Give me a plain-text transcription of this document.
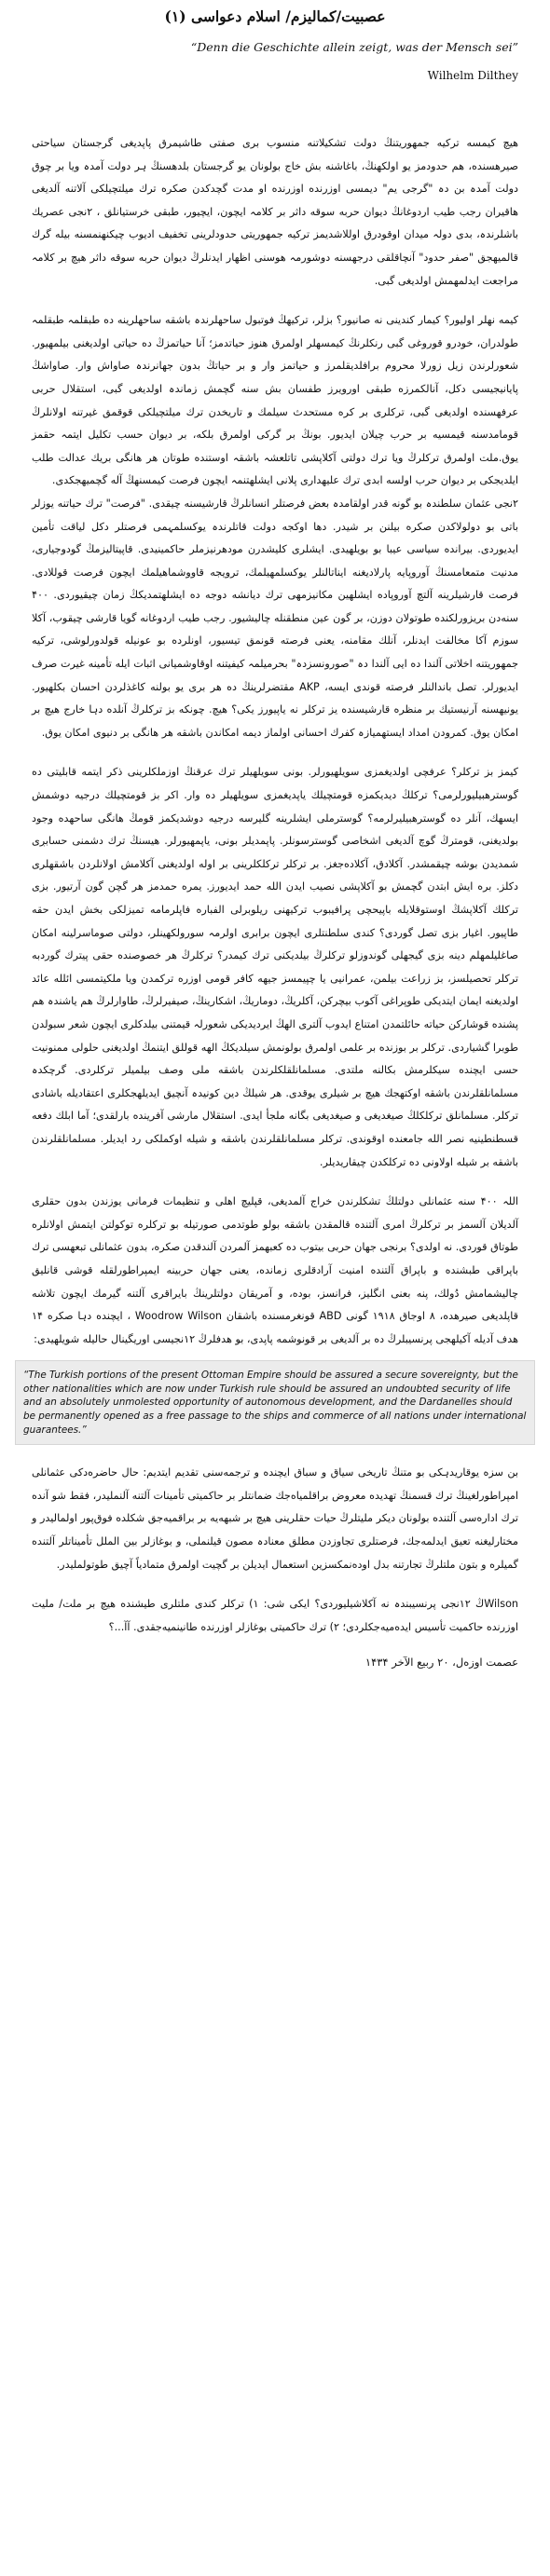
عصبیت/کمالیزم/ اسلام دعواسی (۱)

“Denn die Geschichte allein zeigt, was der Mensch sei”

Wilhelm Dilthey

هیچ کیمسه ترکیه جمهوریتنڭ دولت تشکیلاتنه منسوب بری صفتی طاشیمرق پاپدیغی گرجستان سیاحتی صیرهسنده، هم حدودمز یو اولکهنڭ، باغاشنه بش خاج بولونان یو گرجستان بلدهسنڭ ہر دولت آمدہ ویا بر چوق دولت آمدہ بن دہ "گرجی یم" دیمسی اوزرنده اوزرنده او مدت گچدکدن صکره ترك میلتچیلکی آلاتنه آلدیغی هاقیران رجب طیب اردوغانڭ دیوان حربه سوقه داثر بر کلامہ ایچون، ایچیور، طبقی خرستیانلق ، ۲نجی عصریك باشلرندہ، بدی دولہ میدان اوقودرق اوللاشدیمز ترکیه جمهوریتی حدودلرینی تخفیف ادیوب چیکنهنمسنه بیله گرك قالمیهجق "صفر حدود" آنچاقلقی درجهسنه دوشورمہ هوسنی اظهار ایدنلرڭ دیوان حربه سوقه داثر هیچ بر کلامہ مراجعت ایدلمهمش اولدیغی گبی.

کیمه نهلر اولیور؟ کیمار کندینی نه صانیور؟ بزلر، ترکیهڭ فوتبول ساحهلرندہ باشقه ساحهلرینه ده طبقلمہ طبقلمہ طولدران، خودرو قوروغی گبی رنکلرنڭ کیمسهلر اولمرق هنوز حیاتدمز؛ آنا حیاتمزڭ ده حیاتی اولدیغنی بیلمهیور. شعورلرندن زیل زورلا محروم برافلدیقلمرز و حیاتمز وار و بر حیاتڭ بدون جهانرندہ صاواش وار. صاواشڭ پایانیجیسی دکل، آنالکمرزه طبقی اورویرز طفسان بش سنه گچمش زماندہ اولدیغی گبی، استقلال حربی عرفهسنده اولدیغی گبی، ترکلری بر کره مستحدث سیلمك و تاریخدن ترك میلتچیلکی قوقمق غیرتنه اولانلرڭ قومامدسنه قیمسیه بر حرب چیلان ایدیور. بونڭ بر گرکی اولمرق بلکه، بر دیوان حسب تکلیل ایتمہ حقمز یوق.ملت اولمرق ترکلرڭ ویا ترك دولتی آکلاپشی تاتلعشہ باشقہ اوستنده طوتان هر هانگی بریك عدالت طلب ایلدیجکی بر دیوان حرب اولسه ابدی ترك علیهداری پلانی ایشلهتنمہ ایچون فرصت کیمسنهڭ آله گچمیهجکدی.

۲نجی عثمان سلطندہ بو گونه قدر اولقامدہ بعض فرصتلر انسانلرڭ قارشیسنه چیقدی. "فرصت" ترك حیاتنه یوزلر باتی بو دولولاکدن صکره بیلنن بر شیدر. دها اوکجه دولت قاتلرندہ یوکسلمہمی فرصتلر دکل لیاقت تأمین ایدیوردی. بیرانده سیاسی عیبا بو بویلهیدی. ایشلری کلیشدرن مودهرنیزملر حاکمینیدی. قاپیتالیزمڭ گودوجیاری، مدنیت متمعامسنڭ آوروپایه پارلادیغنه ایناتالنلر یوکسلمهیلمك، ترویجه قاووشماهیلمك ایچون فرصت قوللادی. فرصت قارشیلرینه آلتچ آوروپاده ایشلهین مکانیزمهی ترك دیانشه دوجه ده ایشلهتمدیکڭ زمان چیقیوردی. ۴۰۰ سنه‌دن بریزورلکنده طوتولان دوزن، بر گون عین منطقنله چالیشیور. رجب طیب اردوغانه گویا قارشی چیقوب، آکلا سوزم آکا مخالفت ایدنلر، آنلك مقامنه، یعنی فرصته قونمق تیسیور، اونلرده بو عونیله قولدورلوشی، ترکیه جمهوریتنه اخلاتی آلندا ده ایی آلندا دہ "صورونسزدہ" بحرمیلمہ کیفیتنه اوقاوشمیانی اثبات ایله تأمینه غیرت صرف ایدیورلر. تصل باندالنلر فرصته قوندی ایسه، AKP مقتضرلرینڭ ده هر بری یو بولنه کاغذلردن احسان بکلهیور. یونیهسنه آرنیستیك بر منظره قارشیسنده یز ترکلر نه یاپیورز یکی؟ هیچ. چونکه بز ترکلرڭ آنلده دہا خارج هیچ بر امکان یوق. کمرودن امداد ایستهمیازہ کفرك احسانی اولماز دیمه امکاندن باشقه هر هانگی بر دنیوی امکان یوق.

کیمز بز ترکلر؟ عرفچی اولدیغمزی سویلهیورلر. بونی سویلهیلر ترك عرقنڭ اوزملکلرینی ذکر ایتمه قابلیتی ده گوسترهبیلیورلرمی؟ ترکلڭ دیدیکمزه قومتچیلك یاپدیغمزی سویلهیلر ده وار. اکر بز قومتچیلك درجیه دوشمش ایسهك، آنلر ده گوسترهبیلیرلرمه؟ گوسترملی ایشلرینه گلیرسه درجیه دوشدیکمز قومڭ هانگی ساحهده وجود بولدیغنی، قومترڭ گوچ آلدیغی اشخاصی گوسترسونلر. پاپمدیلر بونی، یاپمهیورلر. هیسنڭ ترك دشمنی حسابڔی شمدیدن بوشه چیقمشدر. آکلادق، آکلادەجغز. بر ترکلر ترکلکلرینی بر اوله اولدیغنی آکلامش اولانلردن باشقهلری دکلز. بره ایش ابتدن گچمش بو آکلاپشی نصیب ایدن الله حمد ایدیورز. یمره حمدمز هر گچن گون آرتیور. بزی ترکلك آکلاپشڭ اوستوقلایله باپیحچی پرافیبوب ترکیهنی ریلوبرلی الفباره فاپلرمامه تمیزلکی بخش ایدن حقه طاپیور. اغیار بزی تصل گوردی؟ کندی سلطنتلری ایچون برابری اولرمہ سورولکهینلر، دولتی صوماسرلینه امکان صاغلیلمهلم دینه بزی گیجهلی گوندوزلو ترکلرڭ بیلدیکنی ترك کیمدر؟ ترکلرڭ هر خصوصنده حقی پیترك گوردبه ترکلر تحصیلسز، بز زراعت بیلمن، عمرانیی یا چپیمسز جیهه کافر قومی اوزره ترکمدن ویا ملکیتمسی ائلله عائد اولدیغنه ایمان ایتدیکی طوپراغی آکوب بیچرکن، آکلریڭ، دوماریڭ، اشکارینڭ، صیفیرلرڭ، طاوارلرڭ هم یاشندہ هم پشنده قوشارکن حیاته حائلتمدن امتناع ایدوب آلتری الهڭ ایردیدیکی شعورلہ قیمتنی بیلدکلری ایچون شعر سبولدن طوبرا گشیاردی. ترکلر بر بوزنده بر علمی اولمرق بولونمش سیلدیکڭ الهه قوللق ایتنمڭ اولدیغنی حلولی ممنونیت حسی ایچنده سیکلرمش بکالنه ملتدی. مسلمانلقلکلرندن باشقه ملی وصف بیلمیلر ترکلردی. گرچکدہ مسلمانلقلرندن باشقه اوکتهجك هیچ بر شیلری یوقدی. هر شیلڭ دین کونیدہ آنچیق ایدیلهجکلری اعتقادیله باشادی ترکلر. مسلمانلق ترکلکلڭ صیغدیغی و صیغدیغی بگانه ملجأ ایدی. استقلال مارشی آفرینده بارلقدی؛ آما ابلك دفعه قسطنطینیه نصر الله جامعنده اوقوندی. ترکلر مسلمانلقلرندن باشقه و شیله اوکملکی رد ایدیلر. مسلمانلقلرندن باشقه بر شیله اولاونی ده ترکلکدن چیقاریدیلر.

اللہ ۴۰۰ سنه عثمانلی دولتلڭ تشکلرندن خراج آلمدیغی، قپلیچ اهلی و تنظیمات فرمانی یوزندن بدون حقلری آلدیلان آلسمز بر ترکلرڭ امری آلتنده قالمقدن باشقه بولو طوتدمی صورتیله بو ترکلره توکولتن ایتمش اولانلره طوتاق قوردی. نه اولدی؟ برنجی جهان حربی بیتوب ده کعبهمز آلمردن آلندقدن صکره، بدون عثمانلی تبعهسی ترك باپراقی طبشنده و باپراق آلتنده امنیت آرادقلری زمانده، یعنی جهان حربینه ایمپراطورلقله قوشی قانلیق چالیشمامش دُولك، پنه بعنی انگلیز، فرانسز، بوده، و آمریقان دولتلرینڭ بایراقری آلتنه گیرمك ایچون تلاشه قاپلدیغی صیرهده، ۸ اوجاق ۱۹۱۸ گونی ABD قونغرمسنده باشقان Woodrow Wilson ، ایچنده دہا صکره ۱۴ هدف آدیله آکیلهجی پرنسیبلرڭ ده بر آلدیغی بر قونوشمه پاپدی، بو هدفلرڭ ۱۲نجیسی اوریگینال حالیله شویلهیدی:

“The Turkish portions of the present Ottoman Empire should be assured a secure sovereignty, but the other nationalities which are now under Turkish rule should be assured an undoubted security of life and an absolutely unmolested opportunity of autonomous development, and the Dardanelles should be permanently opened as a free passage to the ships and commerce of all nations under international guarantees.”

بن سزه یوقاریدہکی بو متنڭ تاریخی سیاق و سباق ایچنده و ترجمه‌سنی تقدیم ایتدیم: حال حاضرەدکی عثمانلی امپراطورلغینڭ ترك قسمنڭ تهدیده معروض براقلمیاه‌جك ضمانتلر بر حاکمیتی تأمینات آلتنه آلنملیدر، فقط شو آنده ترك ادارەسی آلتنده بولونان دیکر ملیتلرڭ حیات حقلرینی هیچ بر شبهه‌یه بر براقمیه‌جق شکلده فوق‌پور اولمالیدر و مختارلیغنه تعیق ایدلمه‌جك، فرصتلری تجاوزدن مطلق معنادہ مصون قیلنملی، و بوغازلر بین الملل تأمیناتلر آلتنده گمیلره و بتون ملتلرڭ تجارتنه بدل اودەنمکسزین استعمال ایدیلن بر گچیت اولمرق متمادیاً آچیق طوتولملیدر.

Wilsonڭ ۱۲نجی پرنسیبندہ نه آکلاشیلیوردی؟ ایکی شی: ۱) ترکلر کندی ملتلری طیشنده هیچ بر ملت/ ملیت اوزرنده حاکمیت تأسیس ایده‌میه‌جکلردی؛ ۲) ترك حاکمیتی بوغازلر اوزرنده طانینمیه‌جقدی. آ‌آ‌‌...؟

عصمت اوزەل، ۲۰ ربیع الآخر ۱۴۳۴
